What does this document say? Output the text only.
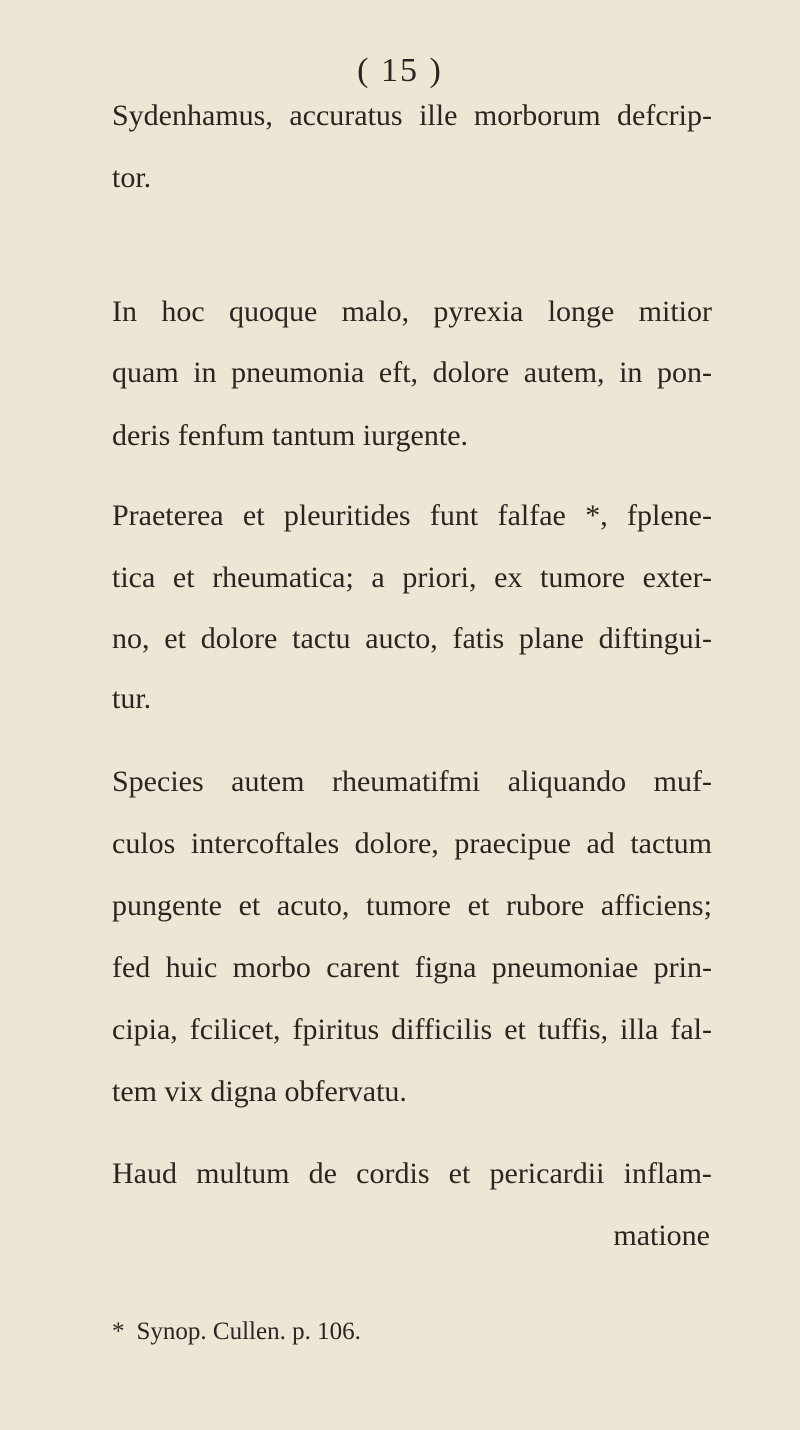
( 15 )
Sydenhamus, accuratus ille morborum defcrip-
tor.
In hoc quoque malo, pyrexia longe mitior
quam in pneumonia eft, dolore autem, in pon-
deris fenfum tantum iurgente.
Praeterea et pleuritides funt falfae *, fplene-
tica et rheumatica; a priori, ex tumore exter-
no, et dolore tactu aucto, fatis plane diftingui-
tur.
Species autem rheumatifmi aliquando muf-
culos intercoftales dolore, praecipue ad tactum
pungente et acuto, tumore et rubore afficiens;
fed huic morbo carent figna pneumoniae prin-
cipia, fcilicet, fpiritus difficilis et tuffis, illa fal-
tem vix digna obfervatu.
Haud multum de cordis et pericardii inflam-
matione
* Synop. Cullen. p. 106.
